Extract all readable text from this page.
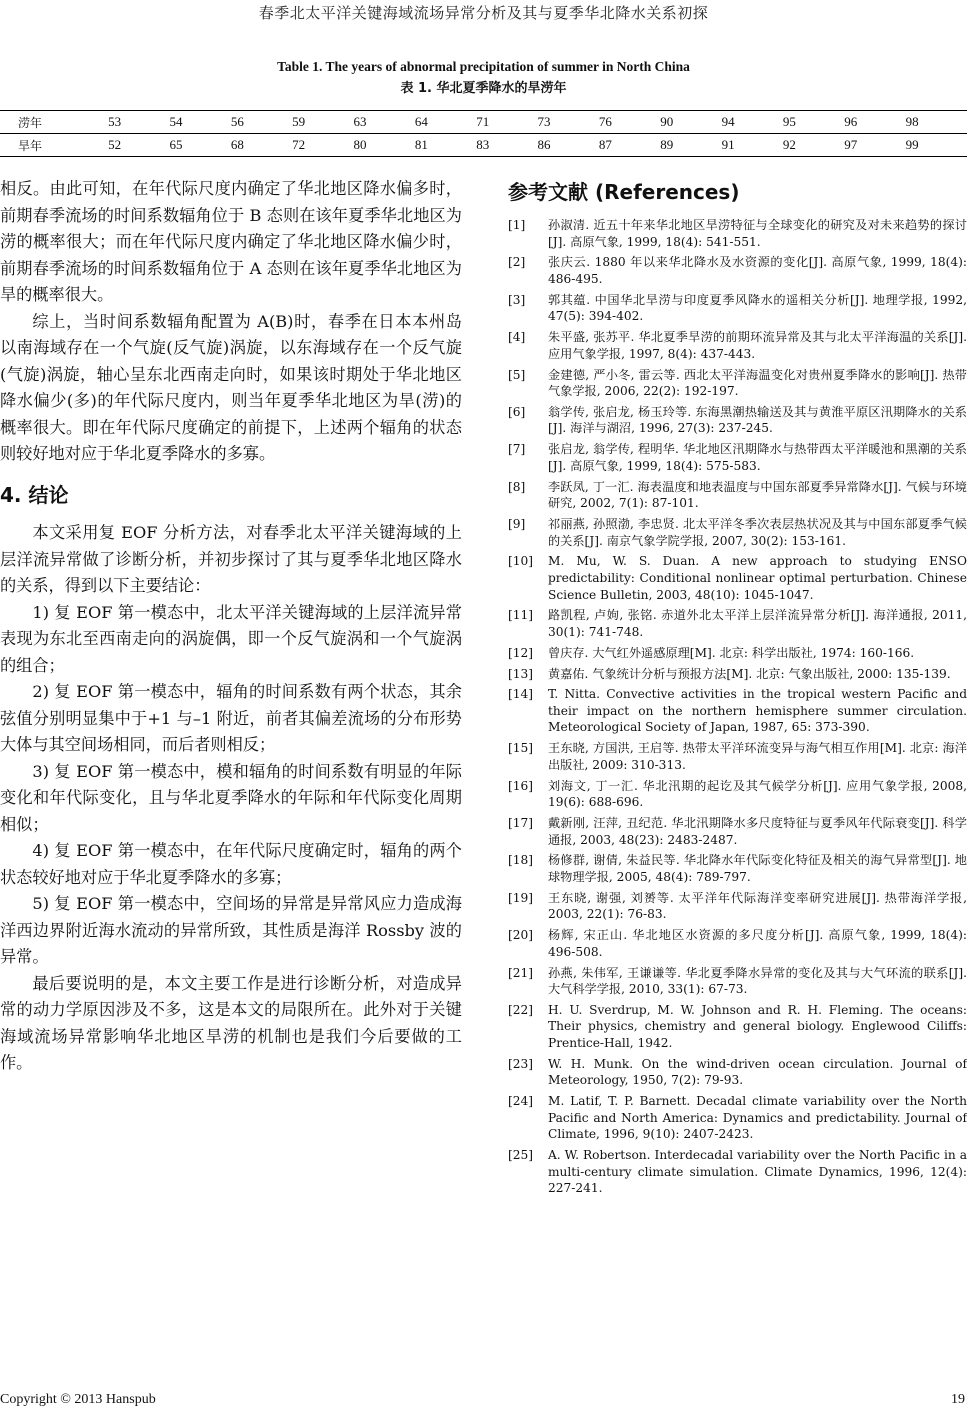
春季北太平洋关键海域流场异常分析及其与夏季华北降水关系初探
Table 1. The years of abnormal precipitation of summer in North China
表 1. 华北夏季降水的旱涝年
涝年	53	54	56	59	63	64	71	73	76	90	94	95	96	98
旱年	52	65	68	72	80	81	83	86	87	89	91	92	97	99

相反。由此可知，在年代际尺度内确定了华北地区降水偏多时，前期春季流场的时间系数辐角位于 B 态则在该年夏季华北地区为涝的概率很大；而在年代际尺度内确定了华北地区降水偏少时，前期春季流场的时间系数辐角位于 A 态则在该年夏季华北地区为旱的概率很大。

综上，当时间系数辐角配置为 A(B)时，春季在日本本州岛以南海域存在一个气旋(反气旋)涡旋，以东海域存在一个反气旋(气旋)涡旋，轴心呈东北西南走向时，如果该时期处于华北地区降水偏少(多)的年代际尺度内，则当年夏季华北地区为旱(涝)的概率很大。即在年代际尺度确定的前提下，上述两个辐角的状态则较好地对应于华北夏季降水的多寡。

4. 结论

本文采用复 EOF 分析方法，对春季北太平洋关键海域的上层洋流异常做了诊断分析，并初步探讨了其与夏季华北地区降水的关系，得到以下主要结论：

1) 复 EOF 第一模态中，北太平洋关键海域的上层洋流异常表现为东北至西南走向的涡旋偶，即一个反气旋涡和一个气旋涡的组合；

2) 复 EOF 第一模态中，辐角的时间系数有两个状态，其余弦值分别明显集中于+1 与–1 附近，前者其偏差流场的分布形势大体与其空间场相同，而后者则相反；

3) 复 EOF 第一模态中，模和辐角的时间系数有明显的年际变化和年代际变化，且与华北夏季降水的年际和年代际变化周期相似；

4) 复 EOF 第一模态中，在年代际尺度确定时，辐角的两个状态较好地对应于华北夏季降水的多寡；

5) 复 EOF 第一模态中，空间场的异常是异常风应力造成海洋西边界附近海水流动的异常所致，其性质是海洋 Rossby 波的异常。

最后要说明的是，本文主要工作是进行诊断分析，对造成异常的动力学原因涉及不多，这是本文的局限所在。此外对于关键海域流场异常影响华北地区旱涝的机制也是我们今后要做的工作。

参考文献 (References)
[1]	孙淑清. 近五十年来华北地区旱涝特征与全球变化的研究及对未来趋势的探讨[J]. 高原气象, 1999, 18(4): 541-551.
[2]	张庆云. 1880 年以来华北降水及水资源的变化[J]. 高原气象, 1999, 18(4): 486-495.
[3]	郭其蕴. 中国华北旱涝与印度夏季风降水的遥相关分析[J]. 地理学报, 1992, 47(5): 394-402.
[4]	朱平盛, 张苏平. 华北夏季旱涝的前期环流异常及其与北太平洋海温的关系[J]. 应用气象学报, 1997, 8(4): 437-443.
[5]	金建德, 严小冬, 雷云等. 西北太平洋海温变化对贵州夏季降水的影响[J]. 热带气象学报, 2006, 22(2): 192-197.
[6]	翁学传, 张启龙, 杨玉玲等. 东海黑潮热输送及其与黄淮平原区汛期降水的关系[J]. 海洋与湖沼, 1996, 27(3): 237-245.
[7]	张启龙, 翁学传, 程明华. 华北地区汛期降水与热带西太平洋暖池和黑潮的关系[J]. 高原气象, 1999, 18(4): 575-583.
[8]	李跃凤, 丁一汇. 海表温度和地表温度与中国东部夏季异常降水[J]. 气候与环境研究, 2002, 7(1): 87-101.
[9]	祁丽燕, 孙照渤, 李忠贤. 北太平洋冬季次表层热状况及其与中国东部夏季气候的关系[J]. 南京气象学院学报, 2007, 30(2): 153-161.
[10]	M. Mu, W. S. Duan. A new approach to studying ENSO predictability: Conditional nonlinear optimal perturbation. Chinese Science Bulletin, 2003, 48(10): 1045-1047.
[11]	路凯程, 卢姁, 张铭. 赤道外北太平洋上层洋流异常分析[J]. 海洋通报, 2011, 30(1): 741-748.
[12]	曾庆存. 大气红外遥感原理[M]. 北京: 科学出版社, 1974: 160-166.
[13]	黄嘉佑. 气象统计分析与预报方法[M]. 北京: 气象出版社, 2000: 135-139.
[14]	T. Nitta. Convective activities in the tropical western Pacific and their impact on the northern hemisphere summer circulation. Meteorological Society of Japan, 1987, 65: 373-390.
[15]	王东晓, 方国洪, 王启等. 热带太平洋环流变异与海气相互作用[M]. 北京: 海洋出版社, 2009: 310-313.
[16]	刘海文, 丁一汇. 华北汛期的起讫及其气候学分析[J]. 应用气象学报, 2008, 19(6): 688-696.
[17]	戴新刚, 汪萍, 丑纪范. 华北汛期降水多尺度特征与夏季风年代际衰变[J]. 科学通报, 2003, 48(23): 2483-2487.
[18]	杨修群, 谢倩, 朱益民等. 华北降水年代际变化特征及相关的海气异常型[J]. 地球物理学报, 2005, 48(4): 789-797.
[19]	王东晓, 谢强, 刘赟等. 太平洋年代际海洋变率研究进展[J]. 热带海洋学报, 2003, 22(1): 76-83.
[20]	杨辉, 宋正山. 华北地区水资源的多尺度分析[J]. 高原气象, 1999, 18(4): 496-508.
[21]	孙燕, 朱伟军, 王谦谦等. 华北夏季降水异常的变化及其与大气环流的联系[J]. 大气科学学报, 2010, 33(1): 67-73.
[22]	H. U. Sverdrup, M. W. Johnson and R. H. Fleming. The oceans: Their physics, chemistry and general biology. Englewood Ciliffs: Prentice-Hall, 1942.
[23]	W. H. Munk. On the wind-driven ocean circulation. Journal of Meteorology, 1950, 7(2): 79-93.
[24]	M. Latif, T. P. Barnett. Decadal climate variability over the North Pacific and North America: Dynamics and predictability. Journal of Climate, 1996, 9(10): 2407-2423.
[25]	A. W. Robertson. Interdecadal variability over the North Pacific in a multi-century climate simulation. Climate Dynamics, 1996, 12(4): 227-241.
Copyright © 2013 Hanspub	19
